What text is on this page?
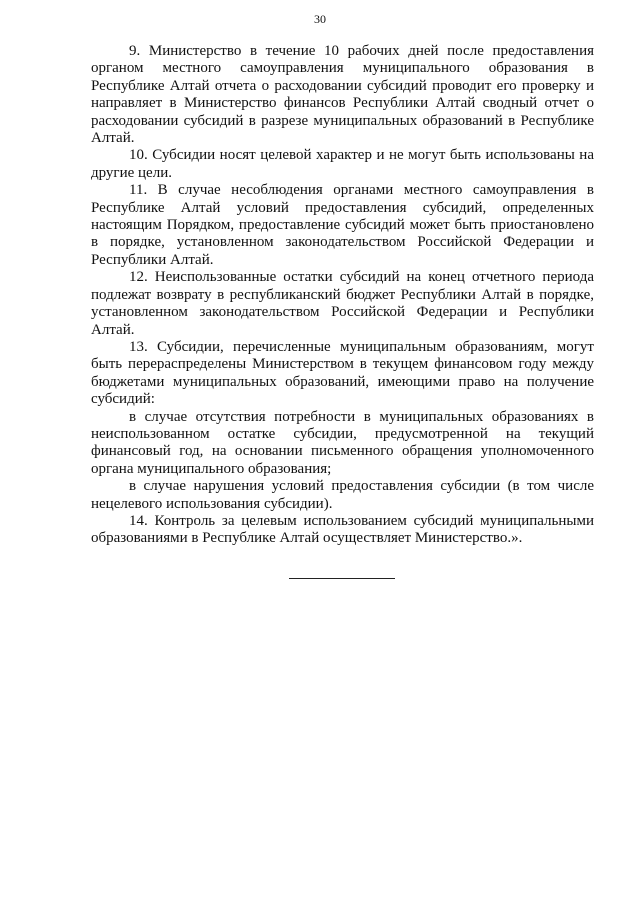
30

9. Министерство в течение 10 рабочих дней после предоставления органом местного самоуправления муниципального образования в Республике Алтай отчета о расходовании субсидий проводит его проверку и направляет в Министерство финансов Республики Алтай сводный отчет о расходовании субсидий в разрезе муниципальных образований в Республике Алтай.

10. Субсидии носят целевой характер и не могут быть использованы на другие цели.

11. В случае несоблюдения органами местного самоуправления в Республике Алтай условий предоставления субсидий, определенных настоящим Порядком, предоставление субсидий может быть приостановлено в порядке, установленном законодательством Российской Федерации и Республики Алтай.

12. Неиспользованные остатки субсидий на конец отчетного периода подлежат возврату в республиканский бюджет Республики Алтай в порядке, установленном законодательством Российской Федерации и Республики Алтай.

13. Субсидии, перечисленные муниципальным образованиям, могут быть перераспределены Министерством в текущем финансовом году между бюджетами муниципальных образований, имеющими право на получение субсидий:

в случае отсутствия потребности в муниципальных образованиях в неиспользованном остатке субсидии, предусмотренной на текущий финансовый год, на основании письменного обращения уполномоченного органа муниципального образования;

в случае нарушения условий предоставления субсидии (в том числе нецелевого использования субсидии).

14. Контроль за целевым использованием субсидий муниципальными образованиями в Республике Алтай осуществляет Министерство.».
